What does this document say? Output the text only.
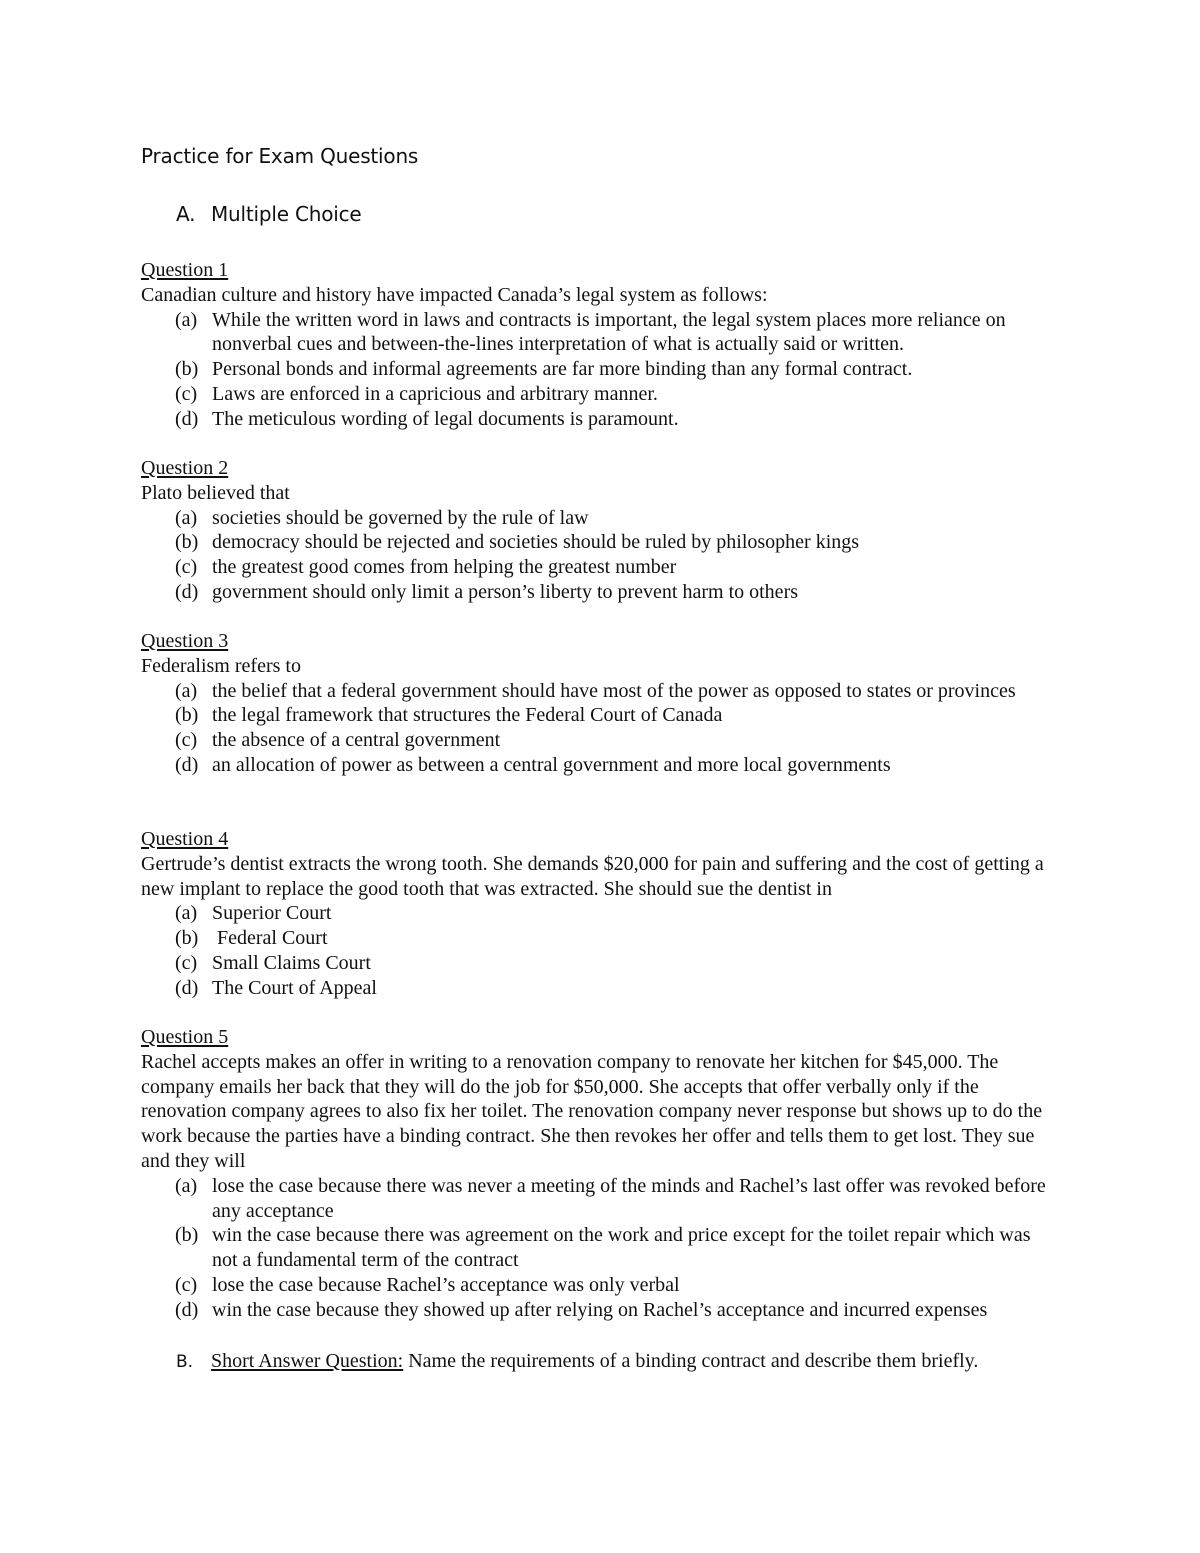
Practice for Exam Questions
A. Multiple Choice

Question 1

Canadian culture and history have impacted Canada’s legal system as follows:

(a) While the written word in laws and contracts is important, the legal system places more reliance on nonverbal cues and between-the-lines interpretation of what is actually said or written.
(b) Personal bonds and informal agreements are far more binding than any formal contract.
(c) Laws are enforced in a capricious and arbitrary manner.
(d) The meticulous wording of legal documents is paramount.

Question 2

Plato believed that

(a) societies should be governed by the rule of law
(b) democracy should be rejected and societies should be ruled by philosopher kings
(c) the greatest good comes from helping the greatest number
(d) government should only limit a person’s liberty to prevent harm to others

Question 3

Federalism refers to

(a) the belief that a federal government should have most of the power as opposed to states or provinces
(b) the legal framework that structures the Federal Court of Canada
(c) the absence of a central government
(d) an allocation of power as between a central government and more local governments

Question 4

Gertrude’s dentist extracts the wrong tooth. She demands $20,000 for pain and suffering and the cost of getting a new implant to replace the good tooth that was extracted. She should sue the dentist in

(a) Superior Court
(b) Federal Court
(c) Small Claims Court
(d) The Court of Appeal

Question 5

Rachel accepts makes an offer in writing to a renovation company to renovate her kitchen for $45,000. The company emails her back that they will do the job for $50,000. She accepts that offer verbally only if the renovation company agrees to also fix her toilet. The renovation company never response but shows up to do the work because the parties have a binding contract. She then revokes her offer and tells them to get lost. They sue and they will

(a) lose the case because there was never a meeting of the minds and Rachel’s last offer was revoked before any acceptance
(b) win the case because there was agreement on the work and price except for the toilet repair which was not a fundamental term of the contract
(c) lose the case because Rachel’s acceptance was only verbal
(d) win the case because they showed up after relying on Rachel’s acceptance and incurred expenses
B. Short Answer Question: Name the requirements of a binding contract and describe them briefly.
